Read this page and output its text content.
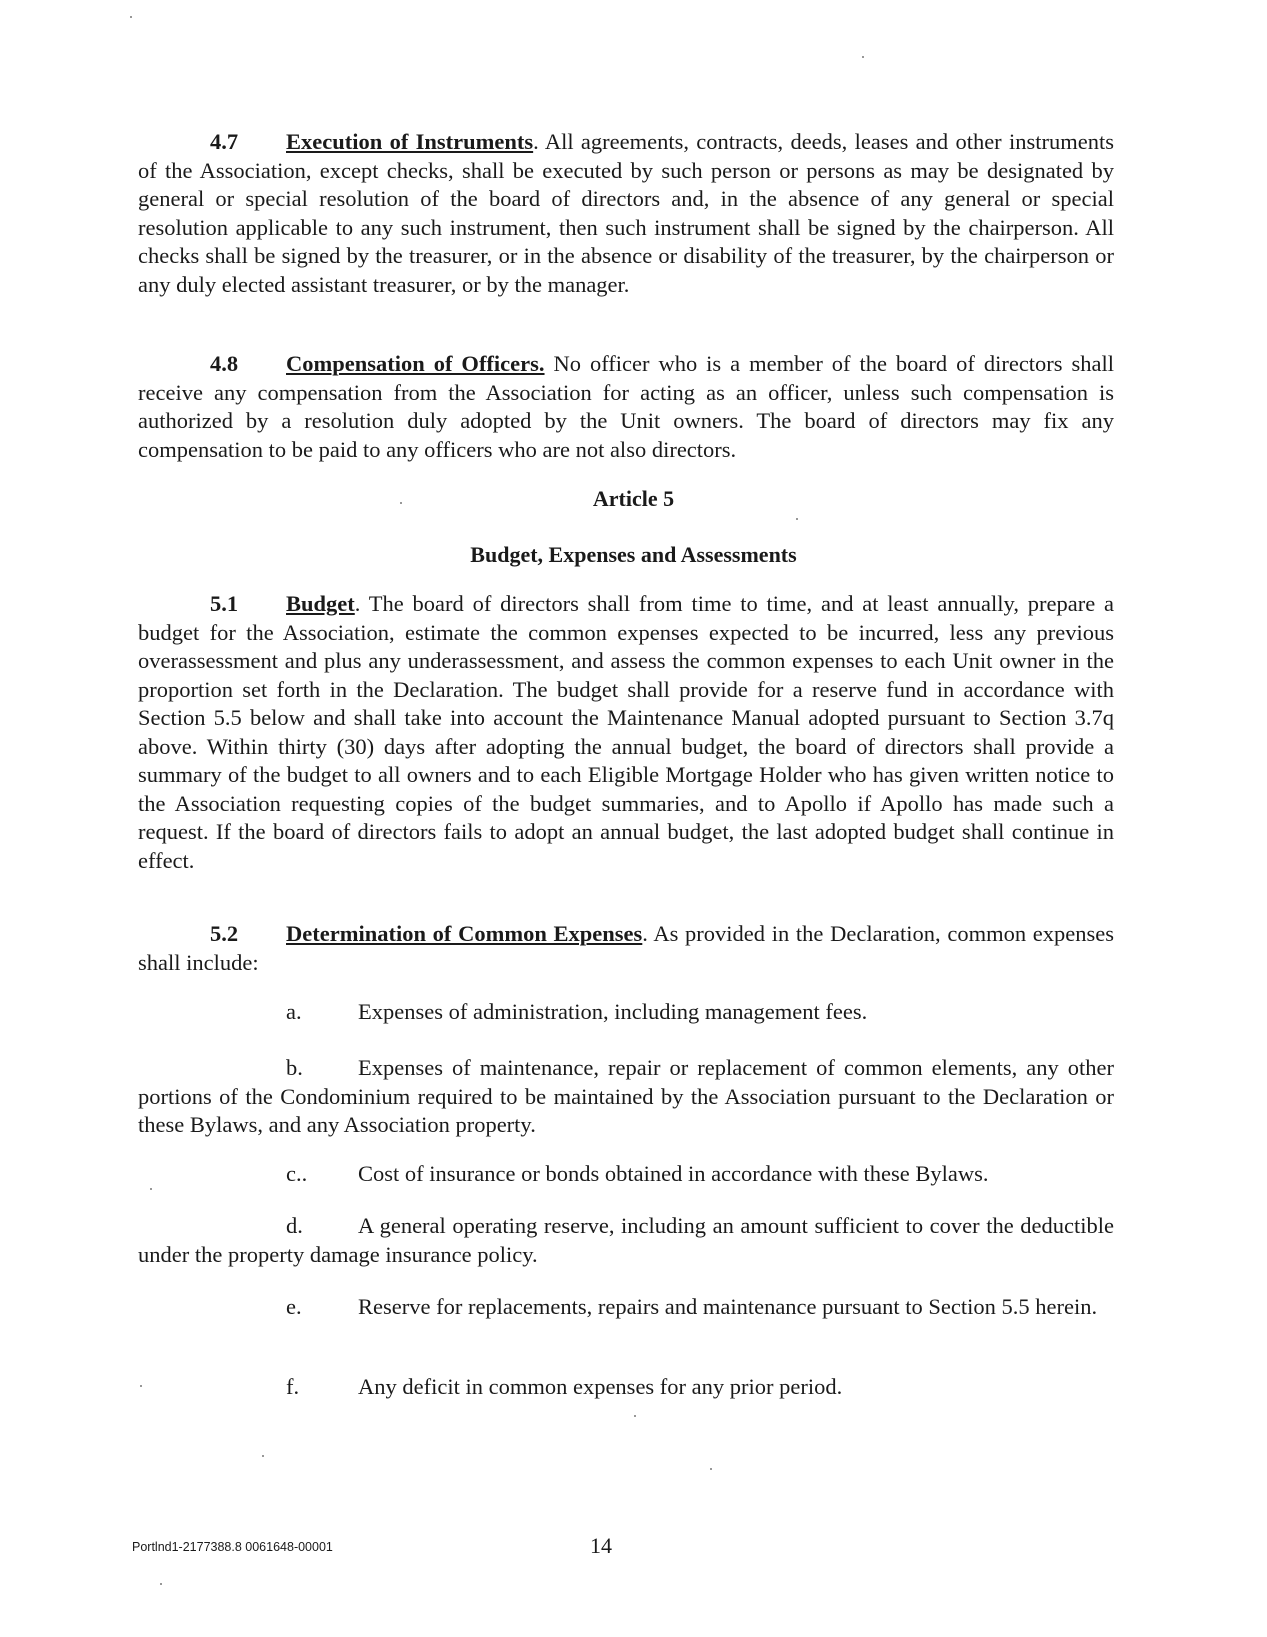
4.7 Execution of Instruments. All agreements, contracts, deeds, leases and other instruments of the Association, except checks, shall be executed by such person or persons as may be designated by general or special resolution of the board of directors and, in the absence of any general or special resolution applicable to any such instrument, then such instrument shall be signed by the chairperson. All checks shall be signed by the treasurer, or in the absence or disability of the treasurer, by the chairperson or any duly elected assistant treasurer, or by the manager.

4.8 Compensation of Officers. No officer who is a member of the board of directors shall receive any compensation from the Association for acting as an officer, unless such compensation is authorized by a resolution duly adopted by the Unit owners. The board of directors may fix any compensation to be paid to any officers who are not also directors.

Article 5

Budget, Expenses and Assessments

5.1 Budget. The board of directors shall from time to time, and at least annually, prepare a budget for the Association, estimate the common expenses expected to be incurred, less any previous overassessment and plus any underassessment, and assess the common expenses to each Unit owner in the proportion set forth in the Declaration. The budget shall provide for a reserve fund in accordance with Section 5.5 below and shall take into account the Maintenance Manual adopted pursuant to Section 3.7q above. Within thirty (30) days after adopting the annual budget, the board of directors shall provide a summary of the budget to all owners and to each Eligible Mortgage Holder who has given written notice to the Association requesting copies of the budget summaries, and to Apollo if Apollo has made such a request. If the board of directors fails to adopt an annual budget, the last adopted budget shall continue in effect.

5.2 Determination of Common Expenses. As provided in the Declaration, common expenses shall include:

a.	Expenses of administration, including management fees.

b. Expenses of maintenance, repair or replacement of common elements, any other portions of the Condominium required to be maintained by the Association pursuant to the Declaration or these Bylaws, and any Association property.

c.. Cost of insurance or bonds obtained in accordance with these Bylaws.

d. A general operating reserve, including an amount sufficient to cover the deductible under the property damage insurance policy.

e.	Reserve for replacements, repairs and maintenance pursuant to Section 5.5 herein.

f.	Any deficit in common expenses for any prior period.

Portlnd1-2177388.8 0061648-00001	14
